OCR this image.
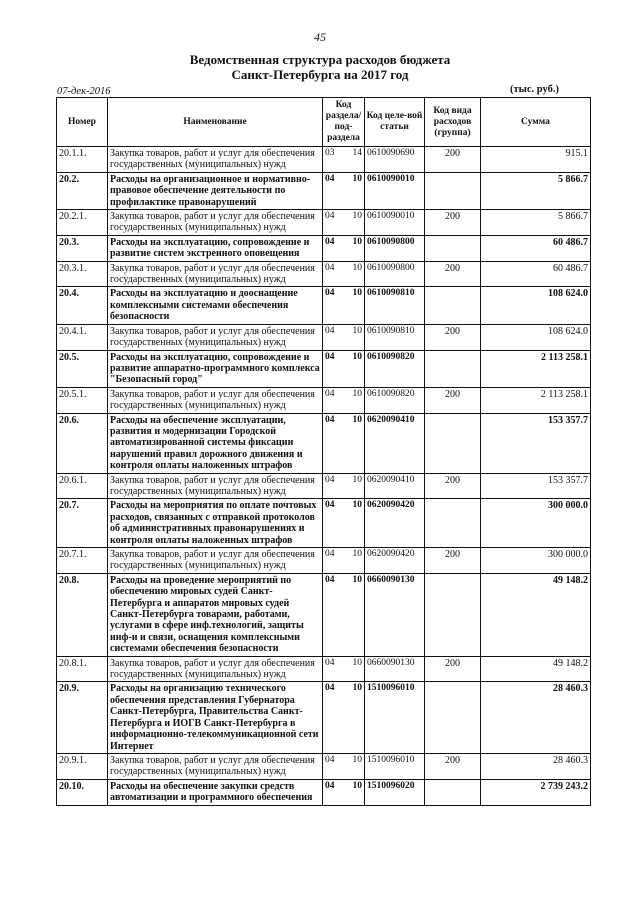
45
Ведомственная структура расходов бюджета
Санкт-Петербурга на 2017 год
07-дек-2016	(тыс. руб.)
Номер	Наименование	Код раздела/ под-раздела	Код целе-вой статьи	Код вида расходов (группа)	Сумма
20.1.1.	Закупка товаров, работ и услуг для обеспечения государственных (муниципальных) нужд	03 14	0610090690	200	915.1
20.2.	Расходы на организационное и нормативно-правовое обеспечение деятельности по профилактике правонарушений	04 10	0610090010		5 866.7
20.2.1.	Закупка товаров, работ и услуг для обеспечения государственных (муниципальных) нужд	04 10	0610090010	200	5 866.7
20.3.	Расходы на эксплуатацию, сопровождение и развитие систем экстренного оповещения	04 10	0610090800		60 486.7
20.3.1.	Закупка товаров, работ и услуг для обеспечения государственных (муниципальных) нужд	04 10	0610090800	200	60 486.7
20.4.	Расходы на эксплуатацию и дооснащение комплексными системами обеспечения безопасности	04 10	0610090810		108 624.0
20.4.1.	Закупка товаров, работ и услуг для обеспечения государственных (муниципальных) нужд	04 10	0610090810	200	108 624.0
20.5.	Расходы на эксплуатацию, сопровождение и развитие аппаратно-программного комплекса "Безопасный город"	04 10	0610090820		2 113 258.1
20.5.1.	Закупка товаров, работ и услуг для обеспечения государственных (муниципальных) нужд	04 10	0610090820	200	2 113 258.1
20.6.	Расходы на обеспечение эксплуатации, развития и модернизации Городской автоматизированной системы фиксации нарушений правил дорожного движения и контроля оплаты наложенных штрафов	04 10	0620090410		153 357.7
20.6.1.	Закупка товаров, работ и услуг для обеспечения государственных (муниципальных) нужд	04 10	0620090410	200	153 357.7
20.7.	Расходы на мероприятия по оплате почтовых расходов, связанных с отправкой протоколов об административных правонарушениях и контроля оплаты наложенных штрафов	04 10	0620090420		300 000.0
20.7.1.	Закупка товаров, работ и услуг для обеспечения государственных (муниципальных) нужд	04 10	0620090420	200	300 000.0
20.8.	Расходы на проведение мероприятий по обеспечению мировых судей Санкт-Петербурга и аппаратов мировых судей Санкт-Петербурга товарами, работами, услугами в сфере инф.технологий, защиты инф-и и связи, оснащения комплексными системами обеспечения безопасности	04 10	0660090130		49 148.2
20.8.1.	Закупка товаров, работ и услуг для обеспечения государственных (муниципальных) нужд	04 10	0660090130	200	49 148.2
20.9.	Расходы на организацию технического обеспечения представления Губернатора Санкт-Петербурга, Правительства Санкт-Петербурга и ИОГВ Санкт-Петербурга в информационно-телекоммуникационной сети Интернет	04 10	1510096010		28 460.3
20.9.1.	Закупка товаров, работ и услуг для обеспечения государственных (муниципальных) нужд	04 10	1510096010	200	28 460.3
20.10.	Расходы на обеспечение закупки средств автоматизации и программного обеспечения	04 10	1510096020		2 739 243.2
